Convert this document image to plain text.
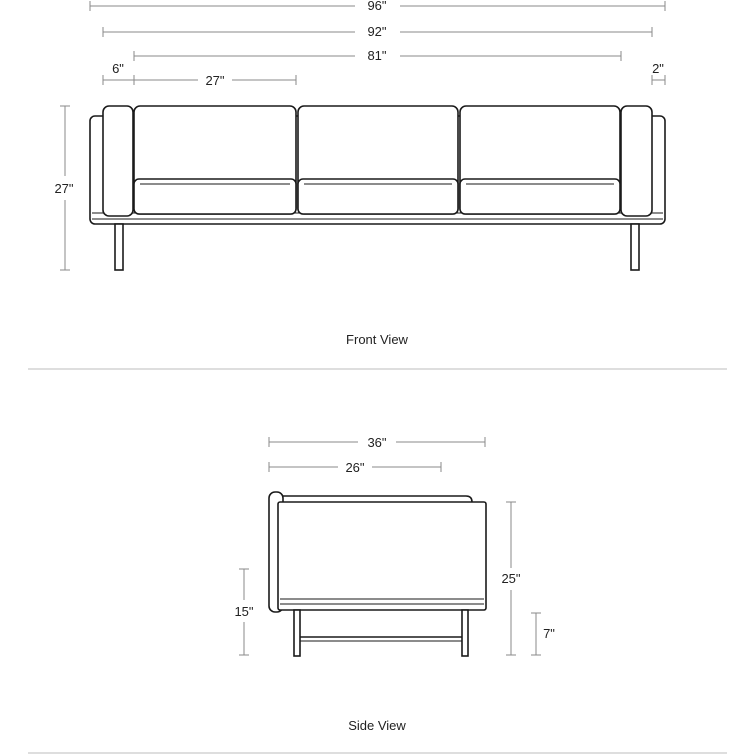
96"
92"
81"
6"
27"
2"
27"
Front View
36"
26"
15"
25"
7"
Side View
